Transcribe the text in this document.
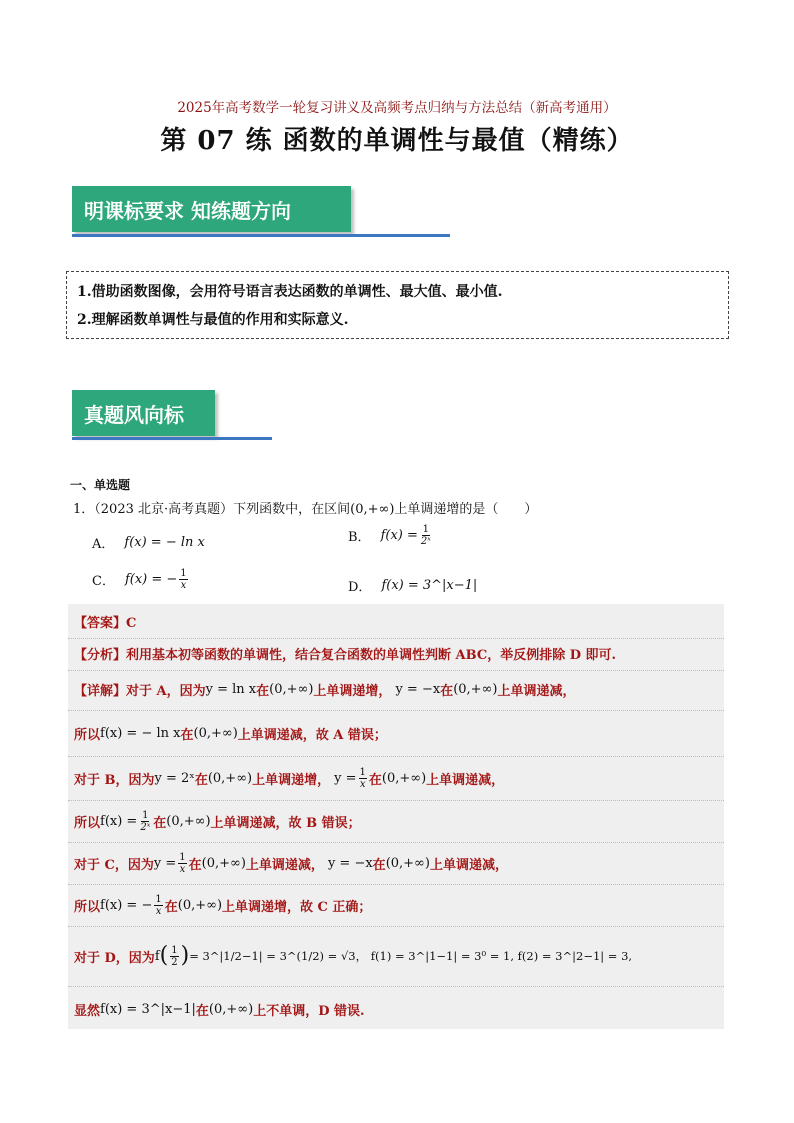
2025年高考数学一轮复习讲义及高频考点归纳与方法总结（新高考通用）
第 07 练 函数的单调性与最值（精练）
明课标要求 知练题方向
1.借助函数图像，会用符号语言表达函数的单调性、最大值、最小值.
2.理解函数单调性与最值的作用和实际意义.
真题风向标
一、单选题
1．（2023 北京·高考真题）下列函数中，在区间(0,+∞)上单调递增的是（　　）
A． f(x) = − ln x	B． $f(x) = \frac{1}{\text{2ˣ}}$
C． f(x) = − $\frac{1}{x}$	D． f(x) = 3^|x−1|
【答案】C
【分析】利用基本初等函数的单调性，结合复合函数的单调性判断 ABC，举反例排除 D 即可.
【详解】对于 A，因为 y = ln x 在 (0,+∞) 上单调递增， y = −x 在 (0,+∞) 上单调递减，
所以 f(x) = − ln x 在 (0,+∞) 上单调递减，故 A 错误；
对于 B，因为 y = 2ˣ 在 (0,+∞) 上单调递增， $y = \frac{1}{x}$ 在 (0,+∞) 上单调递减，
所以 $f(x) = \frac{1}{\text{2ˣ}}$ 在 (0,+∞) 上单调递减，故 B 错误；
对于 C，因为 $y = \frac{1}{x}$ 在 (0,+∞) 上单调递减， y = −x 在 (0,+∞) 上单调递减，
所以 f(x) = − $\frac{1}{x}$ 在 (0,+∞) 上单调递增，故 C 正确；
对于 D，因为 f ( $\frac{1}{2}$ ) = 3^|1/2−1| = 3^(1/2) = √3， f(1) = 3^|1−1| = 3⁰ = 1, f(2) = 3^|2−1| = 3,
显然 f(x) = 3^|x−1| 在 (0,+∞) 上不单调，D 错误.
